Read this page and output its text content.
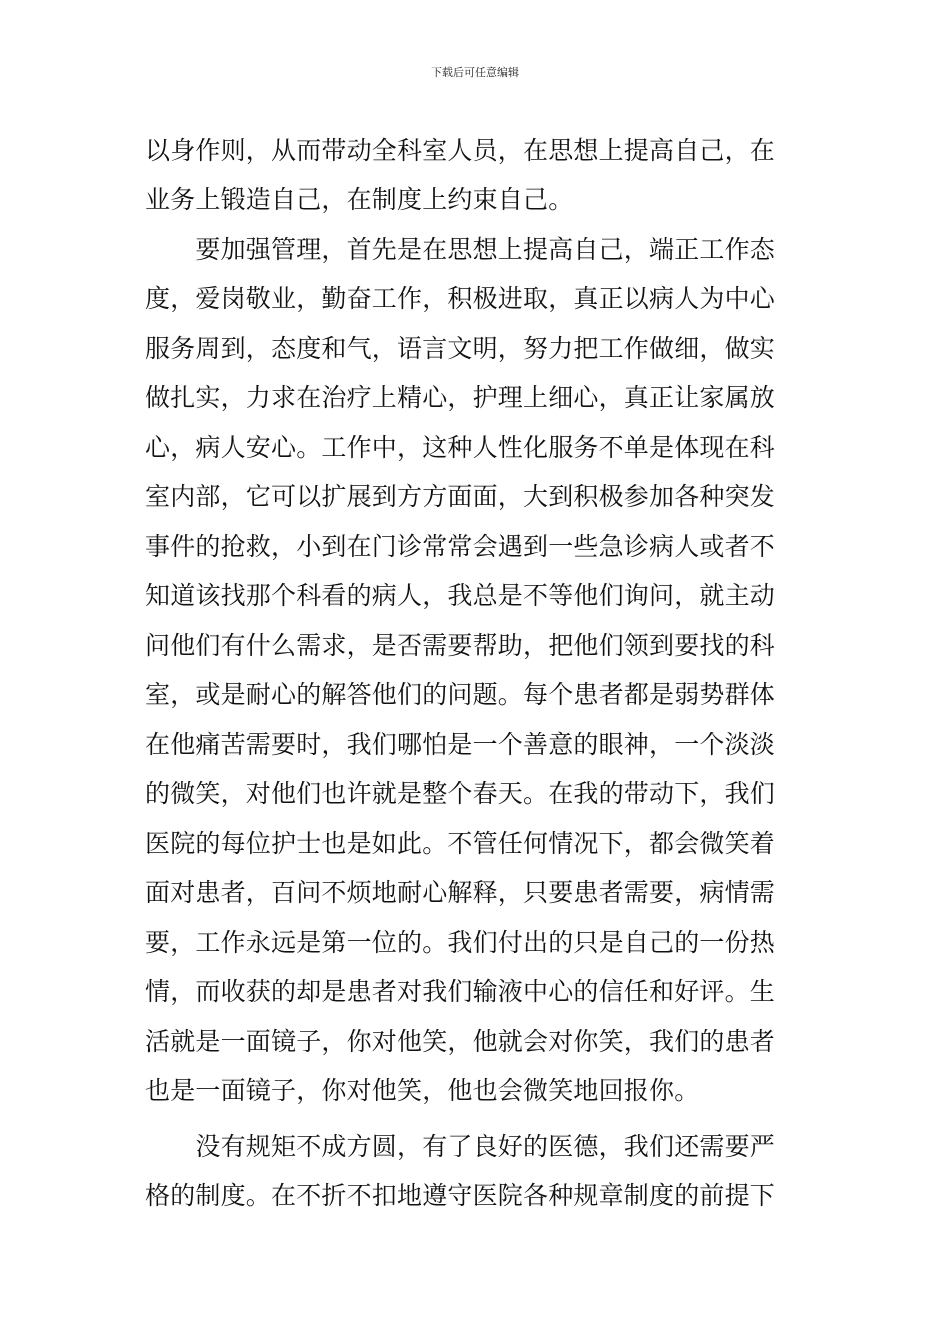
下载后可任意编辑
以身作则，从而带动全科室人员，在思想上提高自己，在
业务上锻造自己，在制度上约束自己。
　　要加强管理，首先是在思想上提高自己，端正工作态
度，爱岗敬业，勤奋工作，积极进取，真正以病人为中心
服务周到，态度和气，语言文明，努力把工作做细，做实
做扎实，力求在治疗上精心，护理上细心，真正让家属放
心，病人安心。工作中，这种人性化服务不单是体现在科
室内部，它可以扩展到方方面面，大到积极参加各种突发
事件的抢救，小到在门诊常常会遇到一些急诊病人或者不
知道该找那个科看的病人，我总是不等他们询问，就主动
问他们有什么需求，是否需要帮助，把他们领到要找的科
室，或是耐心的解答他们的问题。每个患者都是弱势群体
在他痛苦需要时，我们哪怕是一个善意的眼神，一个淡淡
的微笑，对他们也许就是整个春天。在我的带动下，我们
医院的每位护士也是如此。不管任何情况下，都会微笑着
面对患者，百问不烦地耐心解释，只要患者需要，病情需
要，工作永远是第一位的。我们付出的只是自己的一份热
情，而收获的却是患者对我们输液中心的信任和好评。生
活就是一面镜子，你对他笑，他就会对你笑，我们的患者
也是一面镜子，你对他笑，他也会微笑地回报你。
　　没有规矩不成方圆，有了良好的医德，我们还需要严
格的制度。在不折不扣地遵守医院各种规章制度的前提下
